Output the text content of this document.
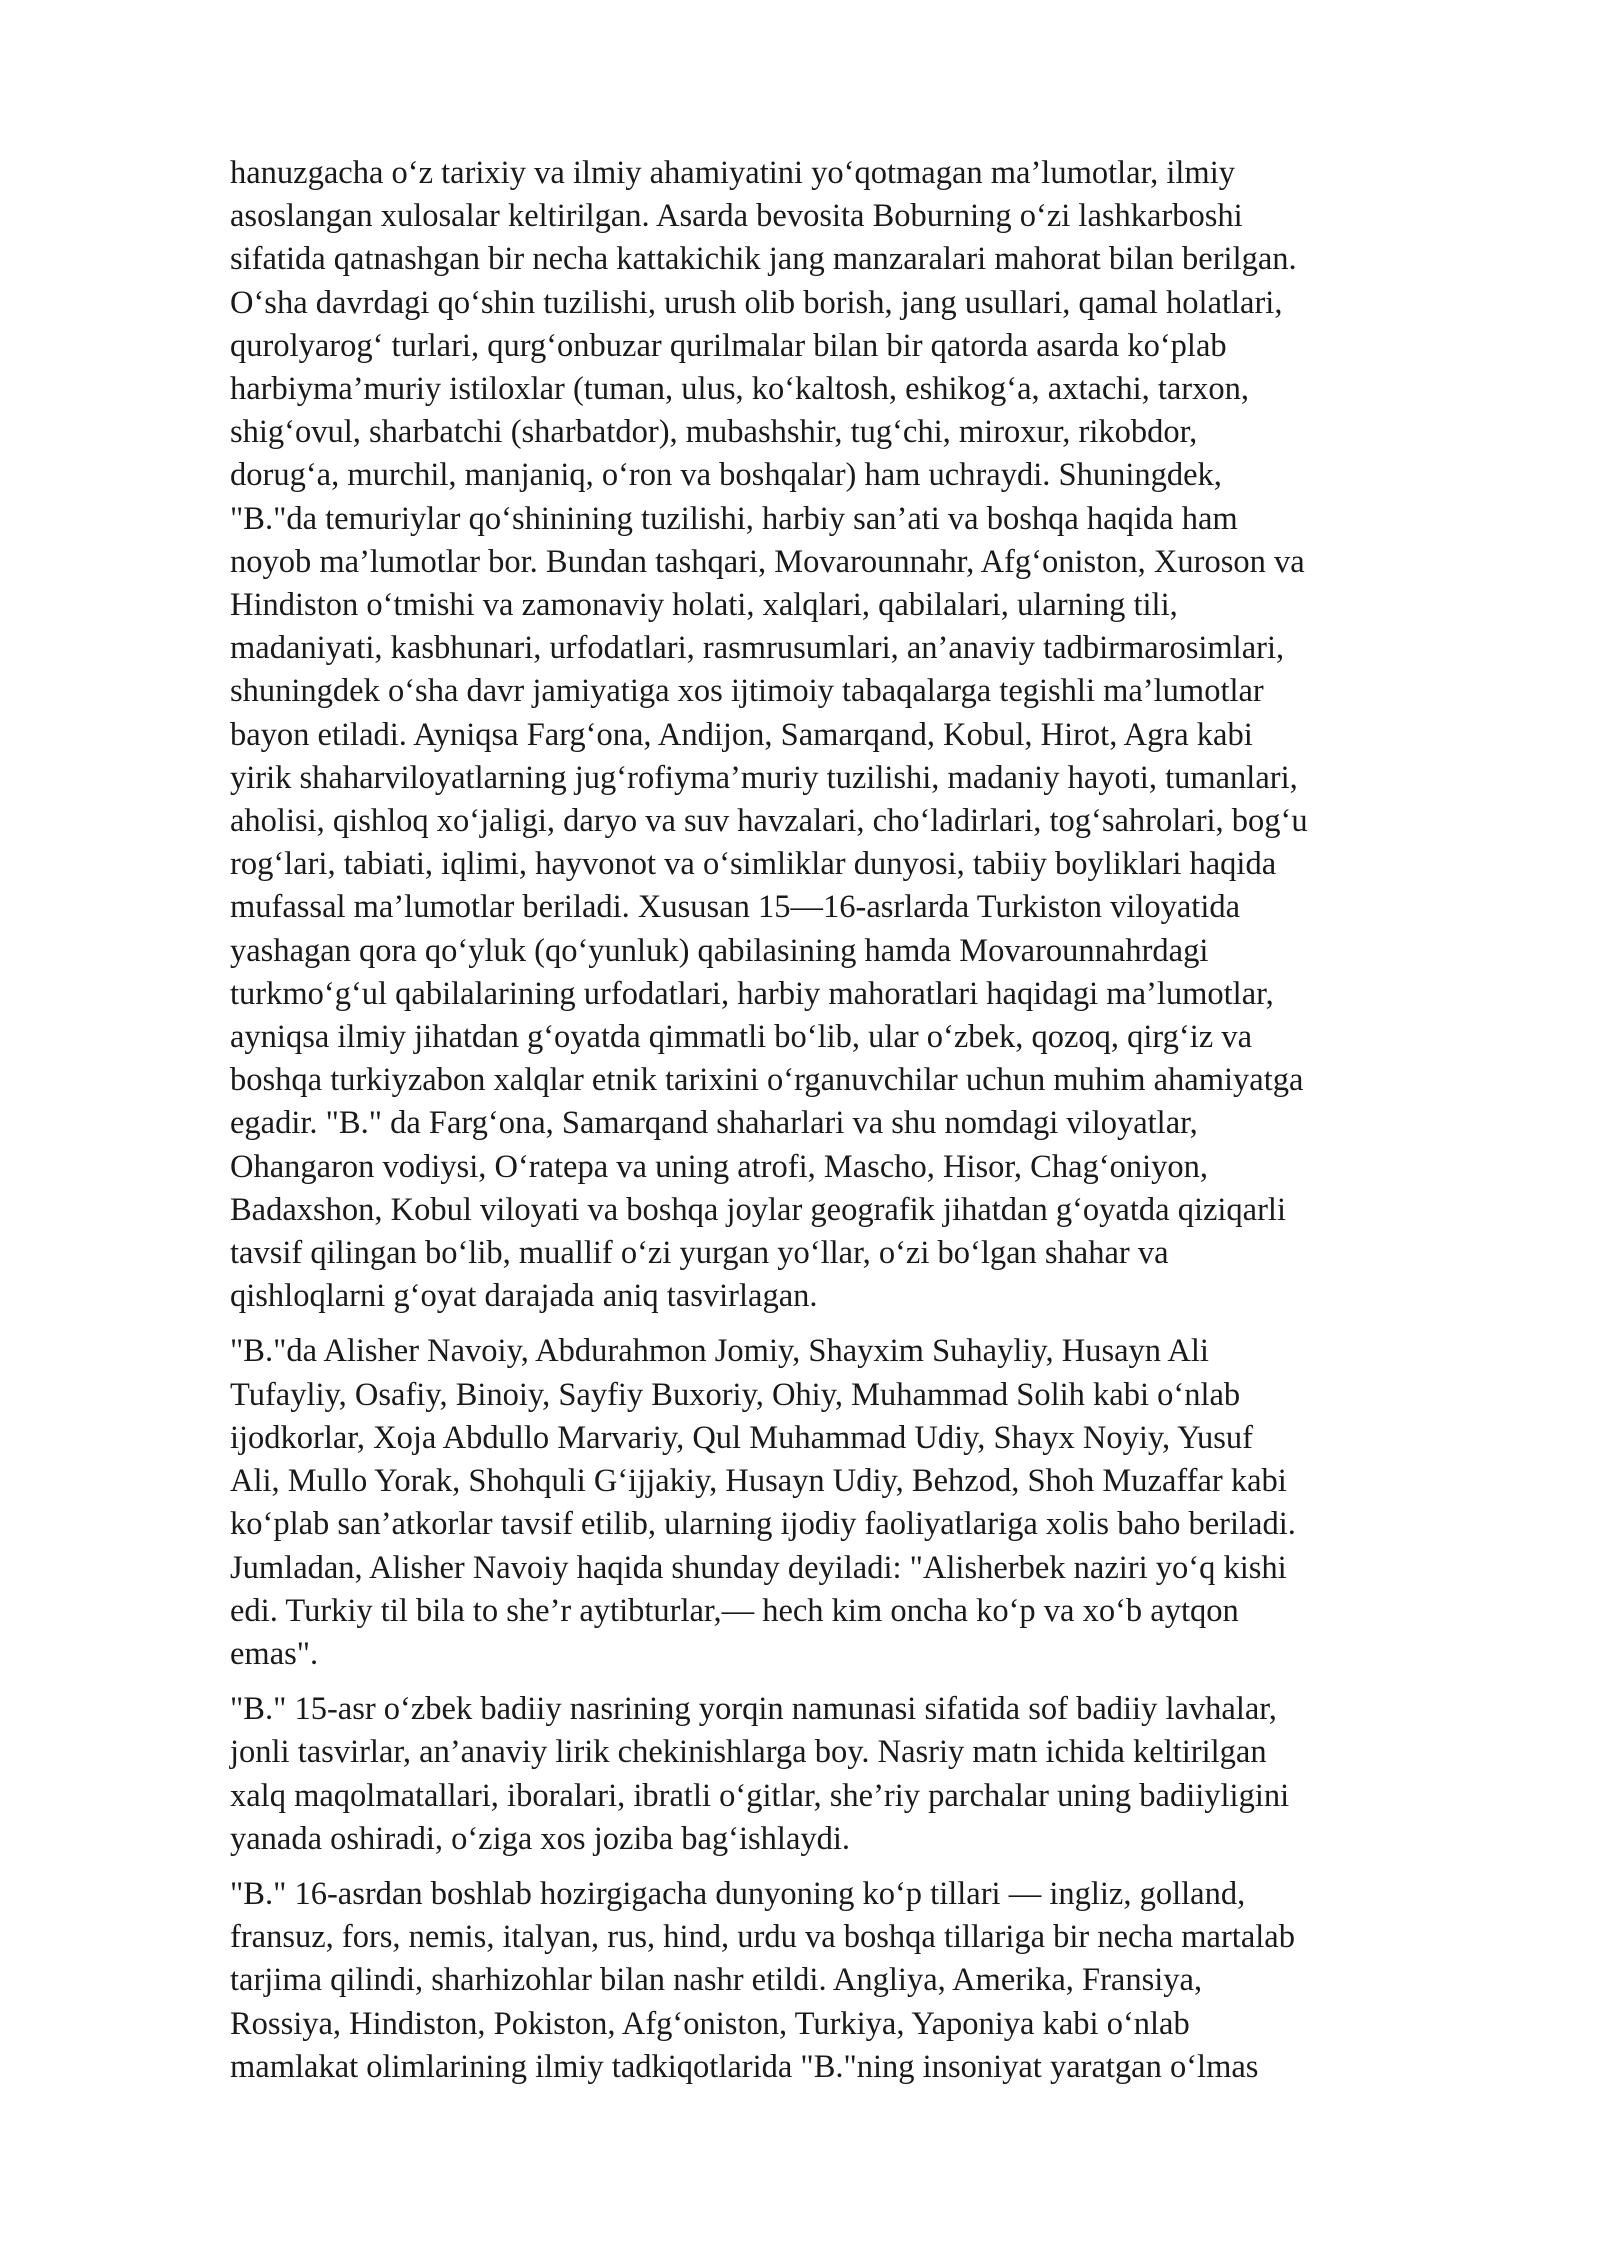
hanuzgacha o‘z tarixiy va ilmiy ahamiyatini yo‘qotmagan ma’lumotlar, ilmiy
asoslangan xulosalar keltirilgan. Asarda bevosita Boburning o‘zi lashkarboshi
sifatida qatnashgan bir necha kattakichik jang manzaralari mahorat bilan berilgan.
O‘sha davrdagi qo‘shin tuzilishi, urush olib borish, jang usullari, qamal holatlari,
qurolyarog‘ turlari, qurg‘onbuzar qurilmalar bilan bir qatorda asarda ko‘plab
harbiyma’muriy istiloxlar (tuman, ulus, ko‘kaltosh, eshikog‘a, axtachi, tarxon,
shig‘ovul, sharbatchi (sharbatdor), mubashshir, tug‘chi, miroxur, rikobdor,
dorug‘a, murchil, manjaniq, o‘ron va boshqalar) ham uchraydi. Shuningdek,
"B."da temuriylar qo‘shinining tuzilishi, harbiy san’ati va boshqa haqida ham
noyob ma’lumotlar bor. Bundan tashqari, Movarounnahr, Afg‘oniston, Xuroson va
Hindiston o‘tmishi va zamonaviy holati, xalqlari, qabilalari, ularning tili,
madaniyati, kasbhunari, urfodatlari, rasmrusumlari, an’anaviy tadbirmarosimlari,
shuningdek o‘sha davr jamiyatiga xos ijtimoiy tabaqalarga tegishli ma’lumotlar
bayon etiladi. Ayniqsa Farg‘ona, Andijon, Samarqand, Kobul, Hirot, Agra kabi
yirik shaharviloyatlarning jug‘rofiyma’muriy tuzilishi, madaniy hayoti, tumanlari,
aholisi, qishloq xo‘jaligi, daryo va suv havzalari, cho‘ladirlari, tog‘sahrolari, bog‘u
rog‘lari, tabiati, iqlimi, hayvonot va o‘simliklar dunyosi, tabiiy boyliklari haqida
mufassal ma’lumotlar beriladi. Xususan 15—16-asrlarda Turkiston viloyatida
yashagan qora qo‘yluk (qo‘yunluk) qabilasining hamda Movarounnahrdagi
turkmo‘g‘ul qabilalarining urfodatlari, harbiy mahoratlari haqidagi ma’lumotlar,
ayniqsa ilmiy jihatdan g‘oyatda qimmatli bo‘lib, ular o‘zbek, qozoq, qirg‘iz va
boshqa turkiyzabon xalqlar etnik tarixini o‘rganuvchilar uchun muhim ahamiyatga
egadir. "B." da Farg‘ona, Samarqand shaharlari va shu nomdagi viloyatlar,
Ohangaron vodiysi, O‘ratepa va uning atrofi, Mascho, Hisor, Chag‘oniyon,
Badaxshon, Kobul viloyati va boshqa joylar geografik jihatdan g‘oyatda qiziqarli
tavsif qilingan bo‘lib, muallif o‘zi yurgan yo‘llar, o‘zi bo‘lgan shahar va
qishloqlarni g‘oyat darajada aniq tasvirlagan.
"B."da Alisher Navoiy, Abdurahmon Jomiy, Shayxim Suhayliy, Husayn Ali
Tufayliy, Osafiy, Binoiy, Sayfiy Buxoriy, Ohiy, Muhammad Solih kabi o‘nlab
ijodkorlar, Xoja Abdullo Marvariy, Qul Muhammad Udiy, Shayx Noyiy, Yusuf
Ali, Mullo Yorak, Shohquli G‘ijjakiy, Husayn Udiy, Behzod, Shoh Muzaffar kabi
ko‘plab san’atkorlar tavsif etilib, ularning ijodiy faoliyatlariga xolis baho beriladi.
Jumladan, Alisher Navoiy haqida shunday deyiladi: "Alisherbek naziri yo‘q kishi
edi. Turkiy til bila to she’r aytibturlar,— hech kim oncha ko‘p va xo‘b aytqon
emas".
"B." 15-asr o‘zbek badiiy nasrining yorqin namunasi sifatida sof badiiy lavhalar,
jonli tasvirlar, an’anaviy lirik chekinishlarga boy. Nasriy matn ichida keltirilgan
xalq maqolmatallari, iboralari, ibratli o‘gitlar, she’riy parchalar uning badiiyligini
yanada oshiradi, o‘ziga xos joziba bag‘ishlaydi.
"B." 16-asrdan boshlab hozirgigacha dunyoning ko‘p tillari — ingliz, golland,
fransuz, fors, nemis, italyan, rus, hind, urdu va boshqa tillariga bir necha martalab
tarjima qilindi, sharhizohlar bilan nashr etildi. Angliya, Amerika, Fransiya,
Rossiya, Hindiston, Pokiston, Afg‘oniston, Turkiya, Yaponiya kabi o‘nlab
mamlakat olimlarining ilmiy tadkiqotlarida "B."ning insoniyat yaratgan o‘lmas
